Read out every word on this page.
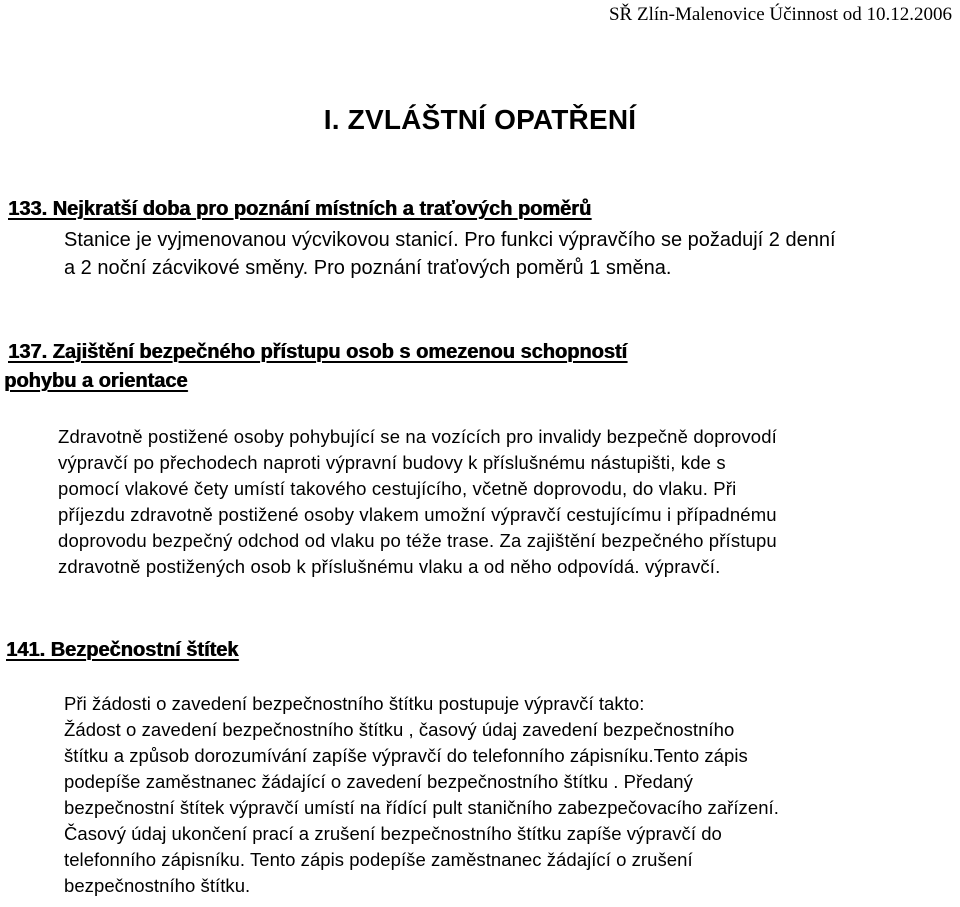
SŘ Zlín-Malenovice Účinnost od 10.12.2006
I. ZVLÁŠTNÍ OPATŘENÍ
133. Nejkratší doba pro poznání místních a traťových poměrů
Stanice je vyjmenovanou výcvikovou stanicí. Pro funkci výpravčího se požadují 2 denní
a 2 noční zácvikové směny. Pro poznání traťových poměrů 1 směna.
137. Zajištění bezpečného přístupu osob s omezenou schopností
pohybu a orientace
Zdravotně postižené osoby pohybující se na vozících pro invalidy bezpečně doprovodí
výpravčí po přechodech naproti výpravní budovy k příslušnému nástupišti, kde s
pomocí vlakové čety umístí takového cestujícího, včetně doprovodu, do vlaku. Při
příjezdu zdravotně postižené osoby vlakem umožní výpravčí cestujícímu i případnému
doprovodu bezpečný odchod od vlaku po téže trase. Za zajištění bezpečného přístupu
zdravotně postižených osob k příslušnému vlaku a od něho odpovídá. výpravčí.
141. Bezpečnostní štítek
Při žádosti o zavedení bezpečnostního štítku postupuje výpravčí takto:
Žádost o zavedení bezpečnostního štítku , časový údaj zavedení bezpečnostního
štítku a způsob dorozumívání zapíše výpravčí do telefonního zápisníku.Tento zápis
podepíše zaměstnanec žádající o zavedení bezpečnostního štítku . Předaný
bezpečnostní štítek výpravčí umístí na řídící pult staničního zabezpečovacího zařízení.
Časový údaj ukončení prací a zrušení bezpečnostního štítku zapíše výpravčí do
telefonního zápisníku. Tento zápis podepíše zaměstnanec žádající o zrušení
bezpečnostního štítku.
